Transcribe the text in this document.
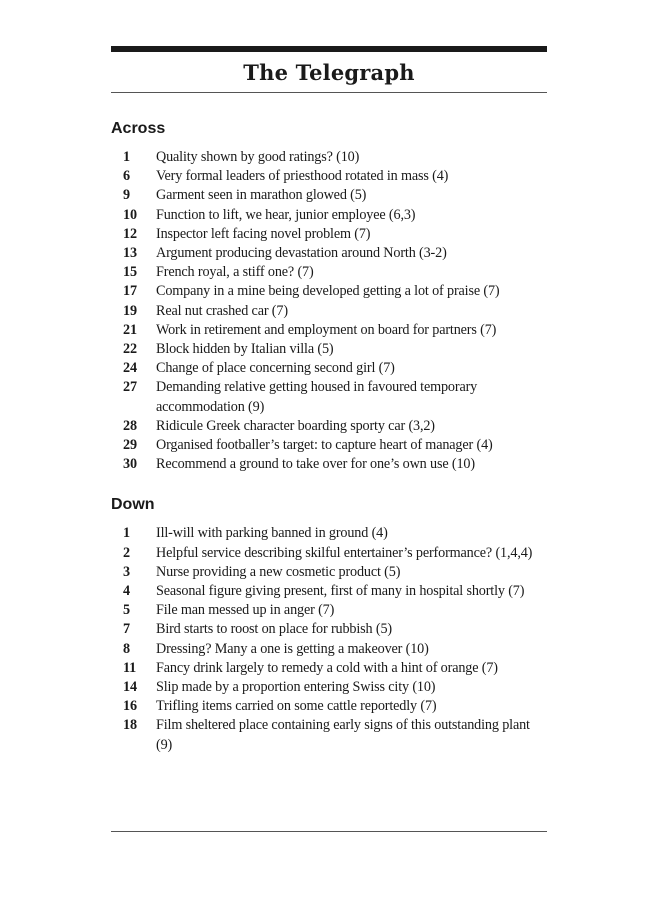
The Telegraph
Across
1	Quality shown by good ratings? (10)
6	Very formal leaders of priesthood rotated in mass (4)
9	Garment seen in marathon glowed (5)
10	Function to lift, we hear, junior employee (6,3)
12	Inspector left facing novel problem (7)
13	Argument producing devastation around North (3-2)
15	French royal, a stiff one? (7)
17	Company in a mine being developed getting a lot of praise (7)
19	Real nut crashed car (7)
21	Work in retirement and employment on board for partners (7)
22	Block hidden by Italian villa (5)
24	Change of place concerning second girl (7)
27	Demanding relative getting housed in favoured temporary accommodation (9)
28	Ridicule Greek character boarding sporty car (3,2)
29	Organised footballer’s target: to capture heart of manager (4)
30	Recommend a ground to take over for one’s own use (10)
Down
1	Ill-will with parking banned in ground (4)
2	Helpful service describing skilful entertainer’s performance? (1,4,4)
3	Nurse providing a new cosmetic product (5)
4	Seasonal figure giving present, first of many in hospital shortly (7)
5	File man messed up in anger (7)
7	Bird starts to roost on place for rubbish (5)
8	Dressing? Many a one is getting a makeover (10)
11	Fancy drink largely to remedy a cold with a hint of orange (7)
14	Slip made by a proportion entering Swiss city (10)
16	Trifling items carried on some cattle reportedly (7)
18	Film sheltered place containing early signs of this outstanding plant (9)
